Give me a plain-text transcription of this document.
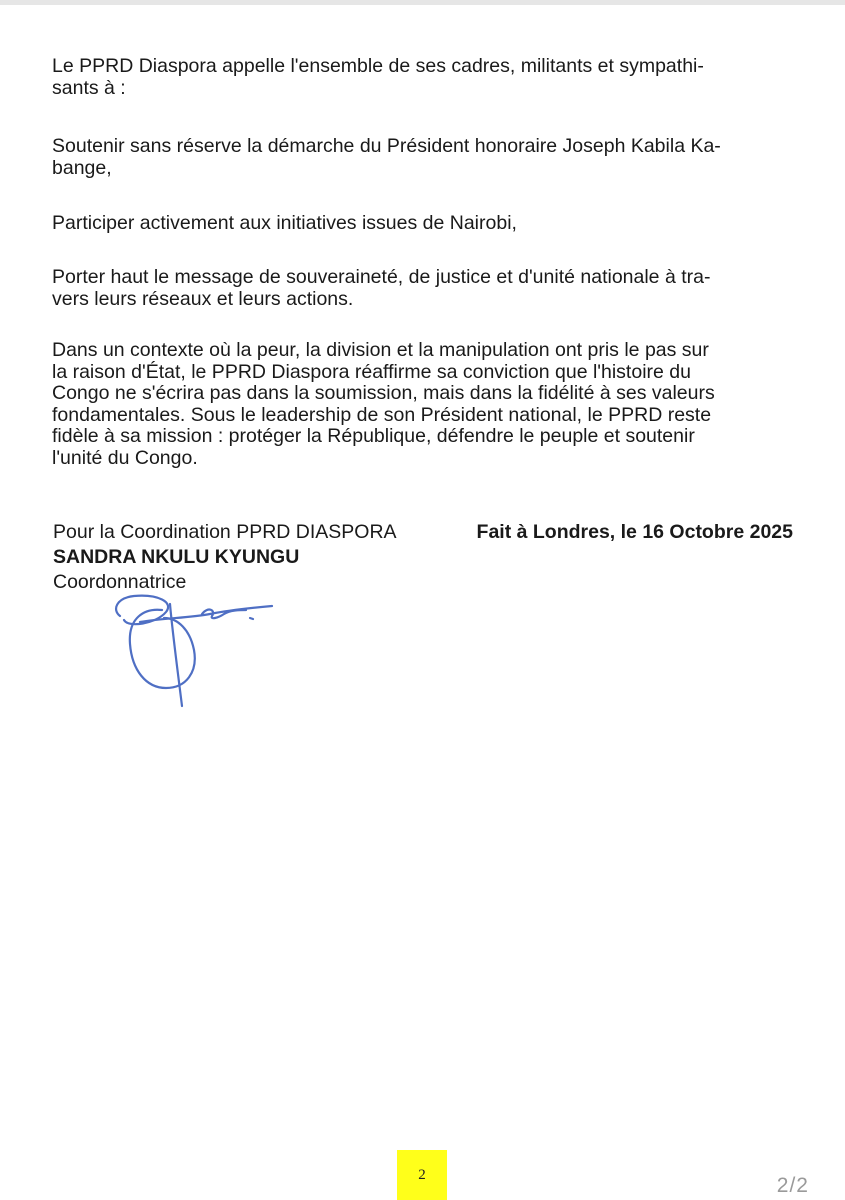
Le PPRD Diaspora appelle l'ensemble de ses cadres, militants et sympathi-
sants à :
Soutenir sans réserve la démarche du Président honoraire Joseph Kabila Ka-
bange,
Participer activement aux initiatives issues de Nairobi,
Porter haut le message de souveraineté, de justice et d'unité nationale à tra-
vers leurs réseaux et leurs actions.
Dans un contexte où la peur, la division et la manipulation ont pris le pas sur
la raison d'État, le PPRD Diaspora réaffirme sa conviction que l'histoire du
Congo ne s'écrira pas dans la soumission, mais dans la fidélité à ses valeurs
fondamentales. Sous le leadership de son Président national, le PPRD reste
fidèle à sa mission : protéger la République, défendre le peuple et soutenir
l'unité du Congo.
Pour la Coordination PPRD DIASPORA
SANDRA NKULU KYUNGU
Coordonnatrice
Fait à Londres, le 16 Octobre 2025
2	2/2
